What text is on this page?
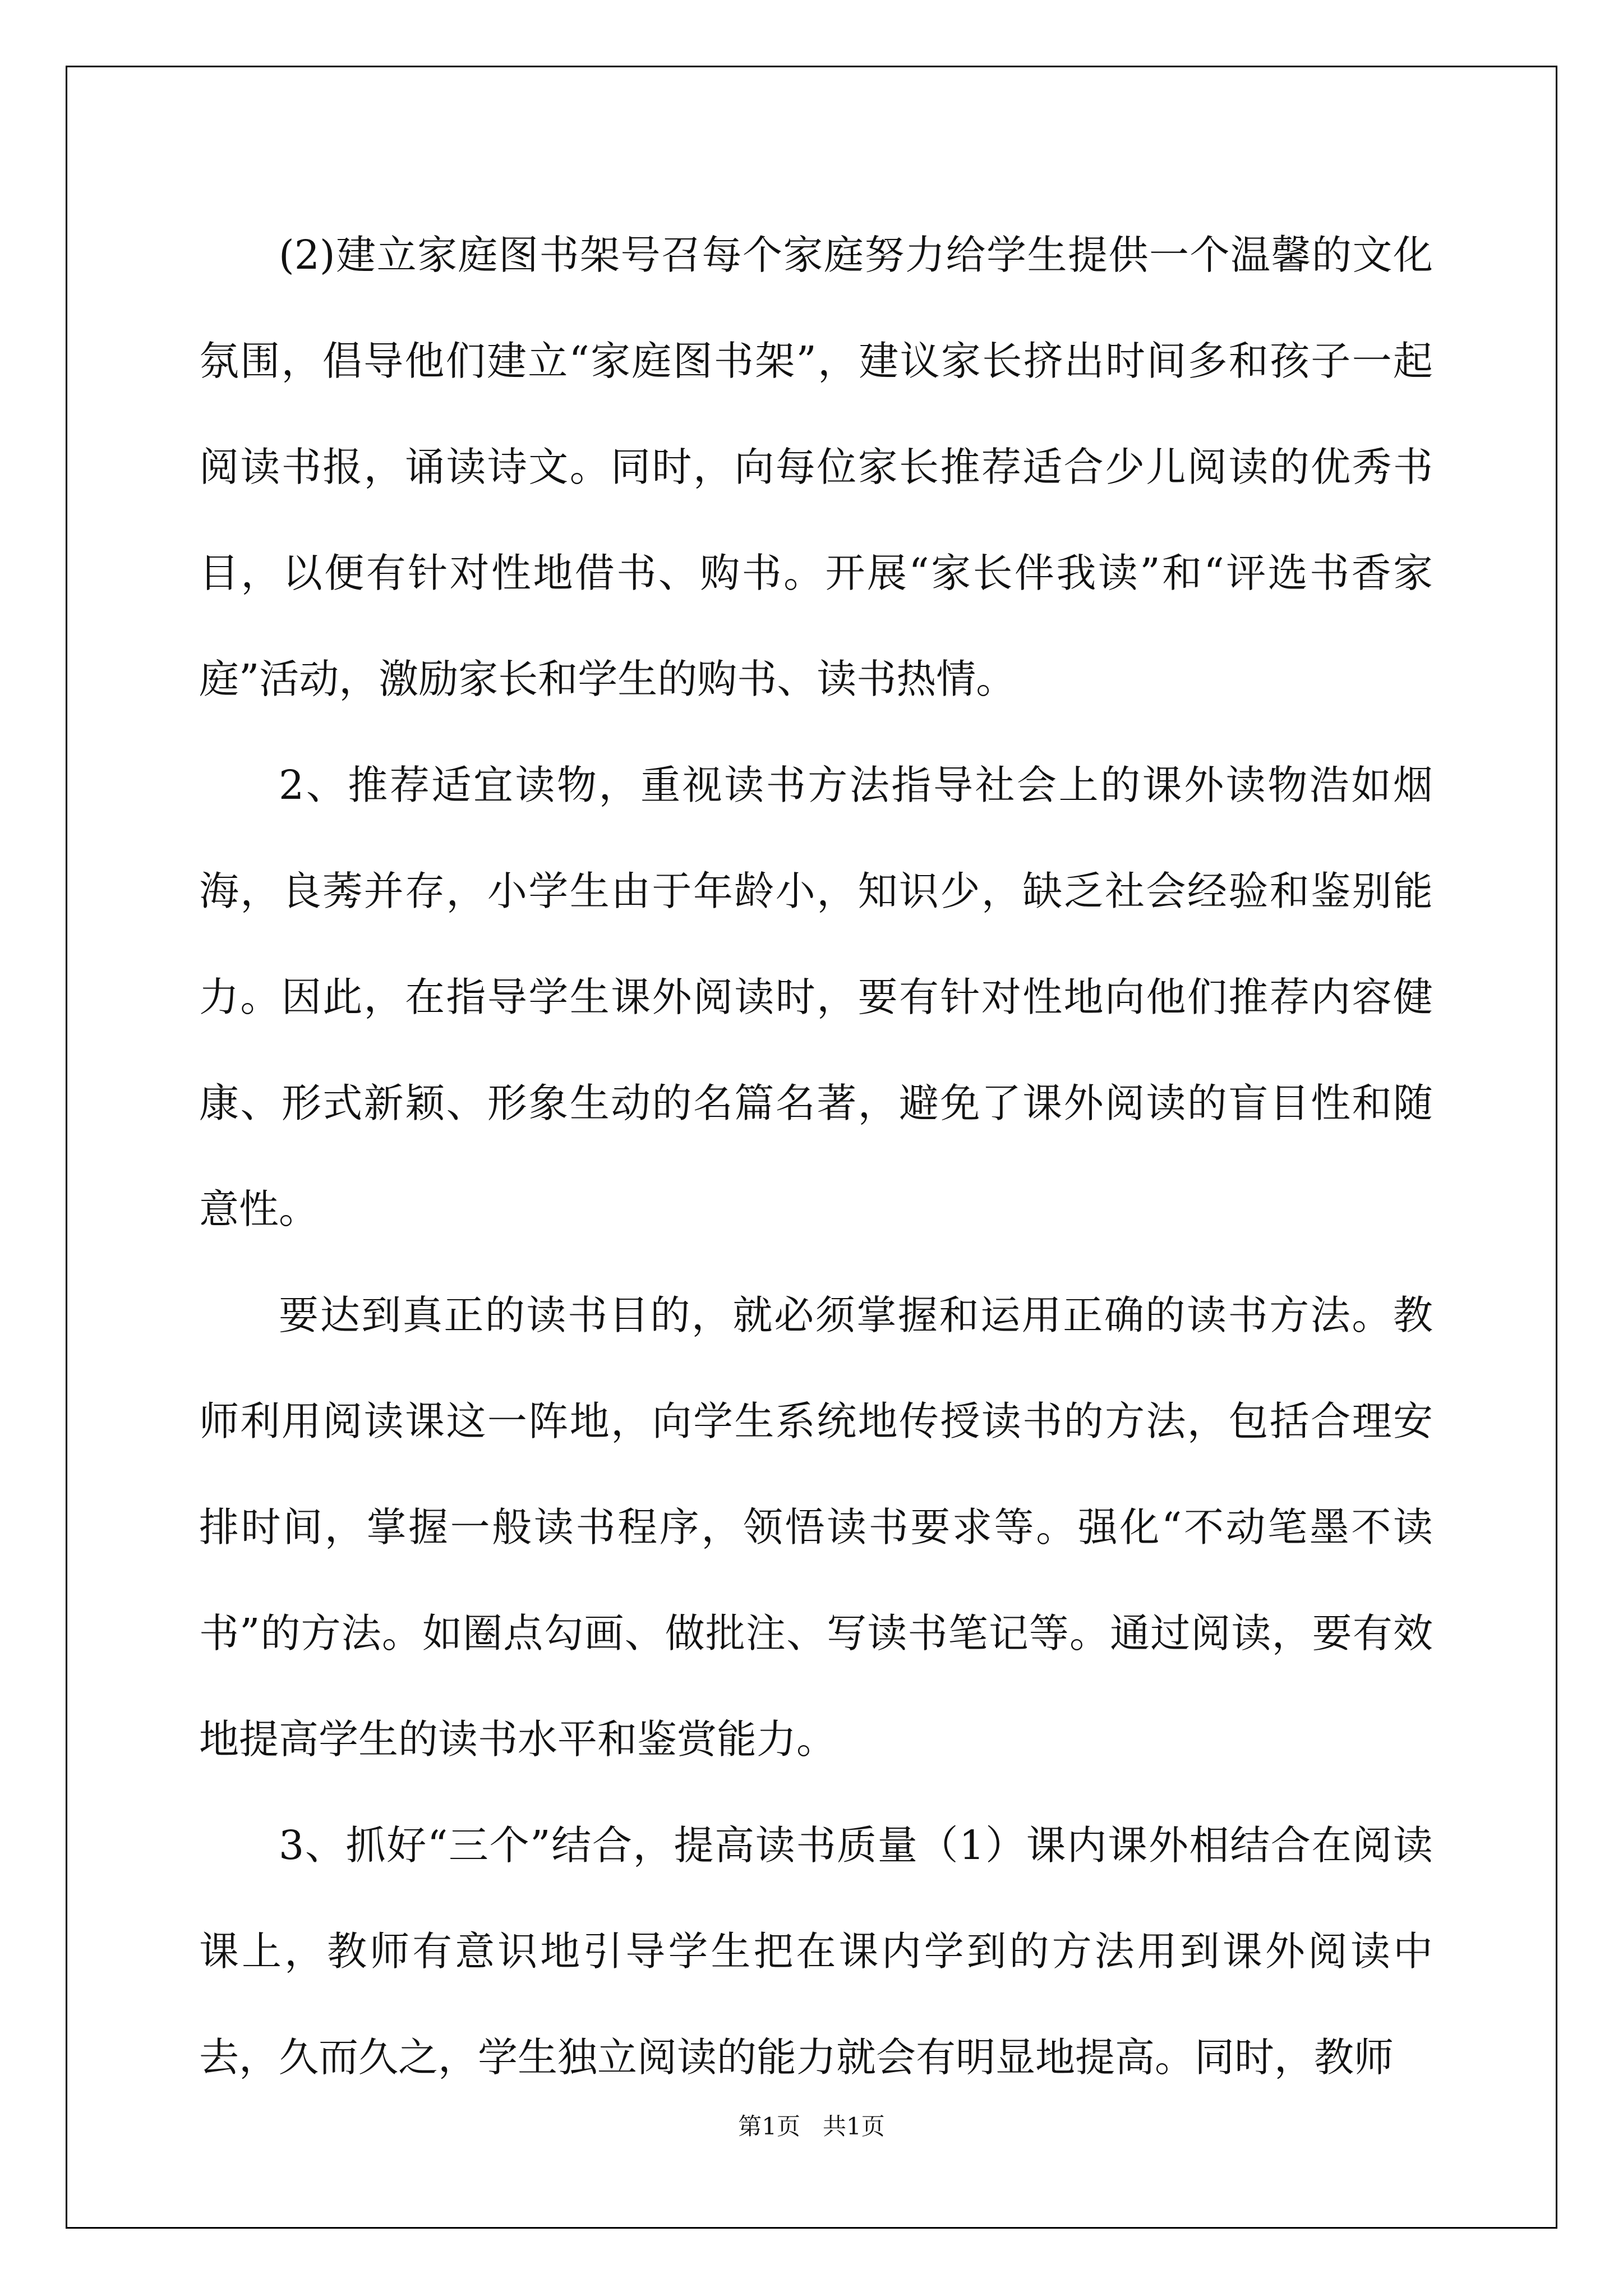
(2)建立家庭图书架号召每个家庭努力给学生提供一个温馨的文化氛围，倡导他们建立“家庭图书架”，建议家长挤出时间多和孩子一起阅读书报，诵读诗文。同时，向每位家长推荐适合少儿阅读的优秀书目，以便有针对性地借书、购书。开展“家长伴我读”和“评选书香家庭”活动，激励家长和学生的购书、读书热情。

2、推荐适宜读物，重视读书方法指导社会上的课外读物浩如烟海，良莠并存，小学生由于年龄小，知识少，缺乏社会经验和鉴别能力。因此，在指导学生课外阅读时，要有针对性地向他们推荐内容健康、形式新颖、形象生动的名篇名著，避免了课外阅读的盲目性和随意性。

要达到真正的读书目的，就必须掌握和运用正确的读书方法。教师利用阅读课这一阵地，向学生系统地传授读书的方法，包括合理安排时间，掌握一般读书程序，领悟读书要求等。强化“不动笔墨不读书”的方法。如圈点勾画、做批注、写读书笔记等。通过阅读，要有效地提高学生的读书水平和鉴赏能力。

3、抓好“三个”结合，提高读书质量（1）课内课外相结合在阅读课上，教师有意识地引导学生把在课内学到的方法用到课外阅读中去，久而久之，学生独立阅读的能力就会有明显地提高。同时，教师

第1页   共1页
